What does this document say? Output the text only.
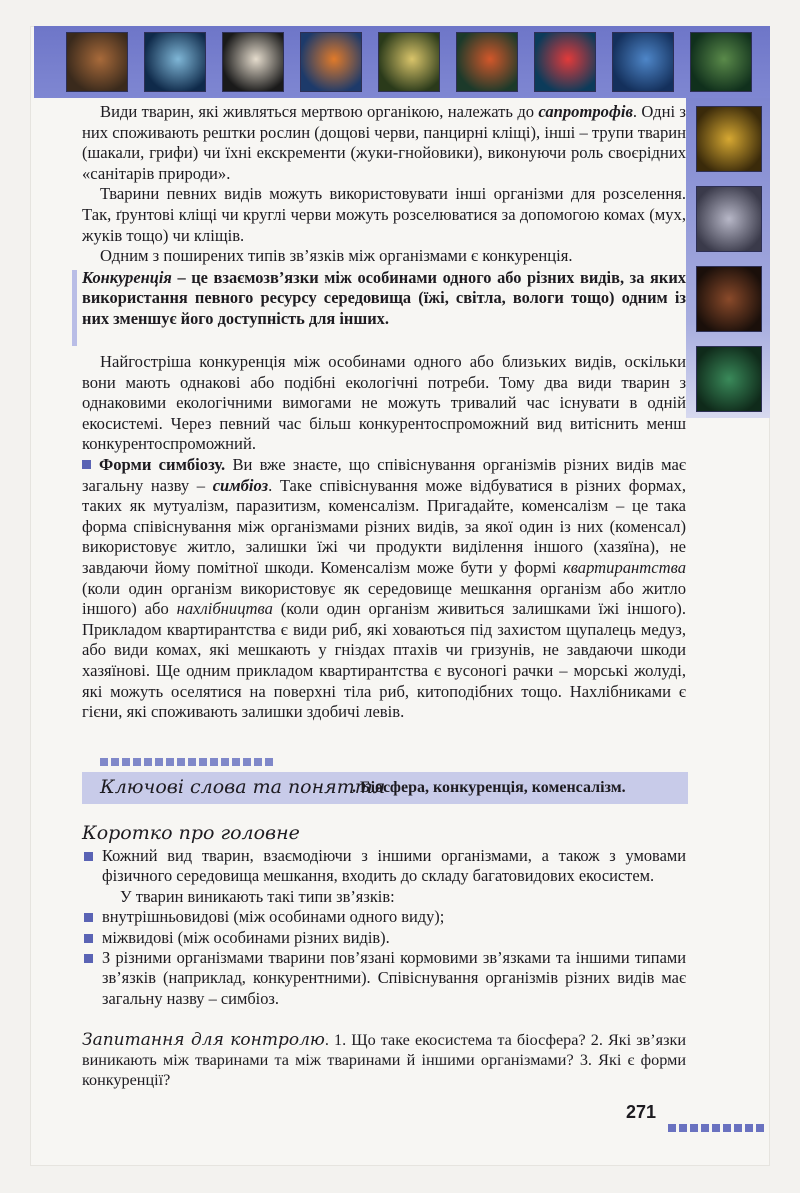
Види тварин, які живляться мертвою органікою, належать до сапротрофів. Одні з них споживають рештки рослин (дощові черви, панцирні кліщі), інші – трупи тварин (шакали, грифи) чи їхні екскременти (жуки-гнойовики), виконуючи роль своєрідних «санітарів природи».

Тварини певних видів можуть використовувати інші організми для розселення. Так, ґрунтові кліщі чи круглі черви можуть розселюватися за допомогою комах (мух, жуків тощо) чи кліщів.

Одним з поширених типів зв’язків між організмами є конкуренція.

Конкуренція – це взаємозв’язки між особинами одного або різних видів, за яких використання певного ресурсу середовища (їжі, світла, вологи тощо) одним із них зменшує його доступність для інших.

Найгостріша конкуренція між особинами одного або близьких видів, оскільки вони мають однакові або подібні екологічні потреби. Тому два види тварин з однаковими екологічними вимогами не можуть тривалий час існувати в одній екосистемі. Через певний час більш конкурентоспроможний вид витіснить менш конкурентоспроможний.

Форми симбіозу. Ви вже знаєте, що співіснування організмів різних видів має загальну назву – симбіоз. Таке співіснування може відбуватися в різних формах, таких як мутуалізм, паразитизм, коменсалізм. Пригадайте, коменсалізм – це така форма співіснування між організмами різних видів, за якої один із них (коменсал) використовує житло, залишки їжі чи продукти виділення іншого (хазяїна), не завдаючи йому помітної шкоди. Коменсалізм може бути у формі квартирантства (коли один організм використовує як середовище мешкання організм або житло іншого) або нахлібництва (коли один організм живиться залишками їжі іншого). Прикладом квартирантства є види риб, які ховаються під захистом щупалець медуз, або види комах, які мешкають у гніздах птахів чи гризунів, не завдаючи шкоди хазяїнові. Ще одним прикладом квартирантства є вусоногі рачки – морські жолуді, які можуть оселятися на поверхні тіла риб, китоподібних тощо. Нахлібниками є гієни, які споживають залишки здобичі левів.

Ключові слова та поняття
. Біосфера, конкуренція, коменсалізм.
Коротко про головне

Кожний вид тварин, взаємодіючи з іншими організмами, а також з умовами фізичного середовища мешкання, входить до складу багатовидових екосистем.

У тварин виникають такі типи зв’язків:

внутрішньовидові (між особинами одного виду);

міжвидові (між особинами різних видів).

З різними організмами тварини пов’язані кормовими зв’язками та іншими типами зв’язків (наприклад, конкурентними). Співіснування організмів різних видів має загальну назву – симбіоз.

Запитання для контролю. 1. Що таке екосистема та біосфера? 2. Які зв’язки виникають між тваринами та між тваринами й іншими організмами? 3. Які є форми конкуренції?
271
